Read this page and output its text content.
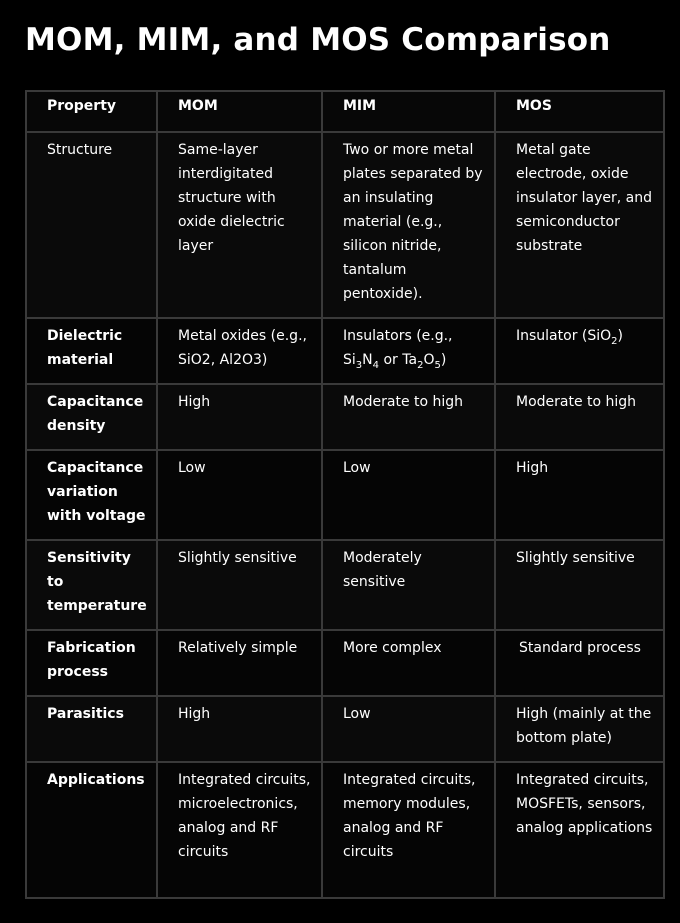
MOM, MIM, and MOS Comparison
Property	MOM	MIM	MOS
Structure	Same-layer interdigitated structure with oxide dielectric layer	Two or more metal plates separated by an insulating material (e.g., silicon nitride, tantalum pentoxide).	Metal gate electrode, oxide insulator layer, and semiconductor substrate
Dielectric material	Metal oxides (e.g., SiO2, Al2O3)	Insulators (e.g., $Si_3N_4$ or $Ta_2O_5$)	Insulator (SiO$_2$)
Capacitance density	High	Moderate to high	Moderate to high
Capacitance variation with voltage	Low	Low	High
Sensitivity to temperature	Slightly sensitive	Moderately sensitive	Slightly sensitive
Fabrication process	Relatively simple	More complex	Standard process
Parasitics	High	Low	High (mainly at the bottom plate)
Applications	Integrated circuits, microelectronics, analog and RF circuits	Integrated circuits, memory modules, analog and RF circuits	Integrated circuits, MOSFETs, sensors, analog applications
